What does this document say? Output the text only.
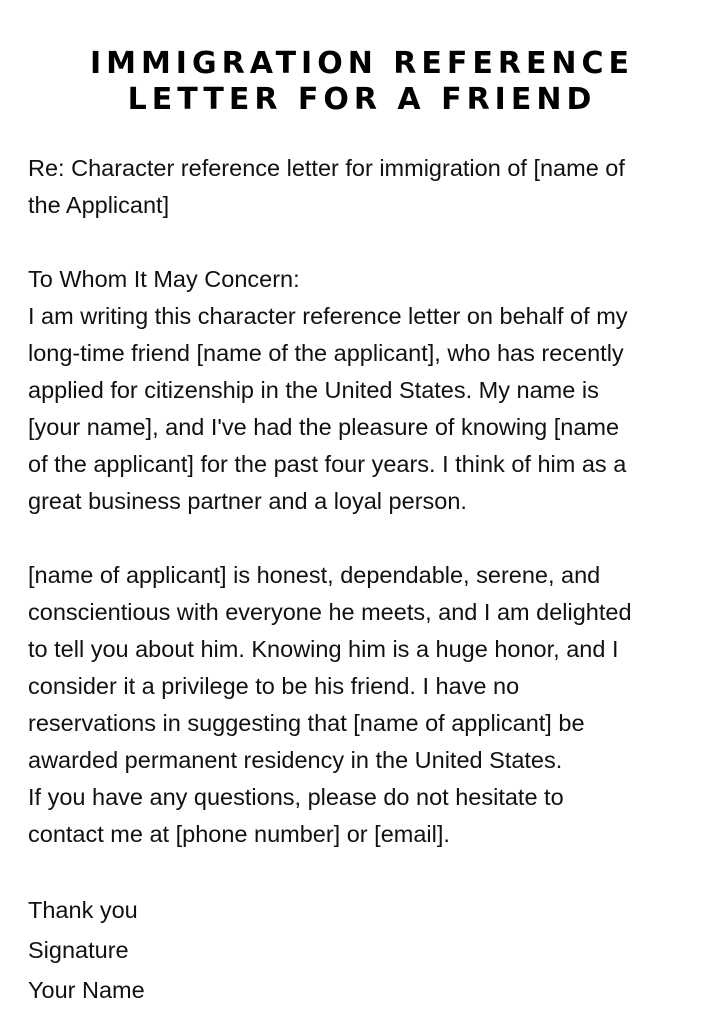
IMMIGRATION REFERENCE
LETTER FOR A FRIEND
Re: Character reference letter for immigration of [name of
the Applicant]
To Whom It May Concern:
I am writing this character reference letter on behalf of my
long-time friend [name of the applicant], who has recently
applied for citizenship in the United States. My name is
[your name], and I've had the pleasure of knowing [name
of the applicant] for the past four years. I think of him as a
great business partner and a loyal person.
[name of applicant] is honest, dependable, serene, and
conscientious with everyone he meets, and I am delighted
to tell you about him. Knowing him is a huge honor, and I
consider it a privilege to be his friend. I have no
reservations in suggesting that [name of applicant] be
awarded permanent residency in the United States.
If you have any questions, please do not hesitate to
contact me at [phone number] or [email].
Thank you
Signature
Your Name
